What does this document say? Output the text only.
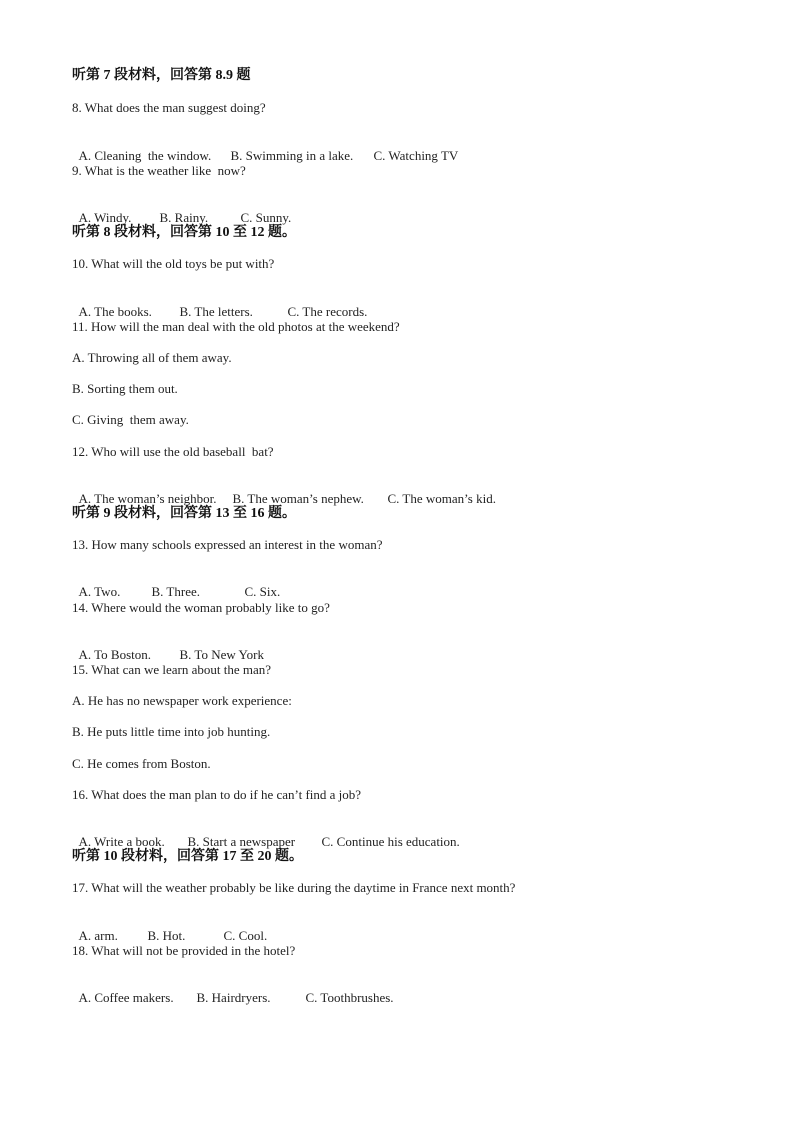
听第 7 段材料，回答第 8.9 题
8. What does the man suggest doing?

A. Cleaning  the window. B. Swimming in a lake. C. Watching TV

9. What is the weather like  now?

A. Windy. B. Rainy. C. Sunny.

听第 8 段材料，回答第 10 至 12 题。
10. What will the old toys be put with?

A. The books. B. The letters.	C. The records.

11. How will the man deal with the old photos at the weekend?
A. Throwing all of them away.
B. Sorting them out.
C. Giving  them away.
12. Who will use the old baseball  bat?

A. The woman’s neighbor. B. The woman’s nephew. C. The woman’s kid.

听第 9 段材料，回答第 13 至 16 题。
13. How many schools expressed an interest in the woman?

A. Two. B. Three.	C. Six.

14. Where would the woman probably like to go?

A. To Boston. B. To New York

15. What can we learn about the man?
A. He has no newspaper work experience:
B. He puts little time into job hunting.
C. He comes from Boston.
16. What does the man plan to do if he can’t find a job?

A. Write a book. B. Start a newspaper C. Continue his education.

听第 10 段材料，回答第 17 至 20 题。
17. What will the weather probably be like during the daytime in France next month?

A. arm. B. Hot.	C. Cool.

18. What will not be provided in the hotel?

A. Coffee makers. B. Hairdryers.	C. Toothbrushes.
